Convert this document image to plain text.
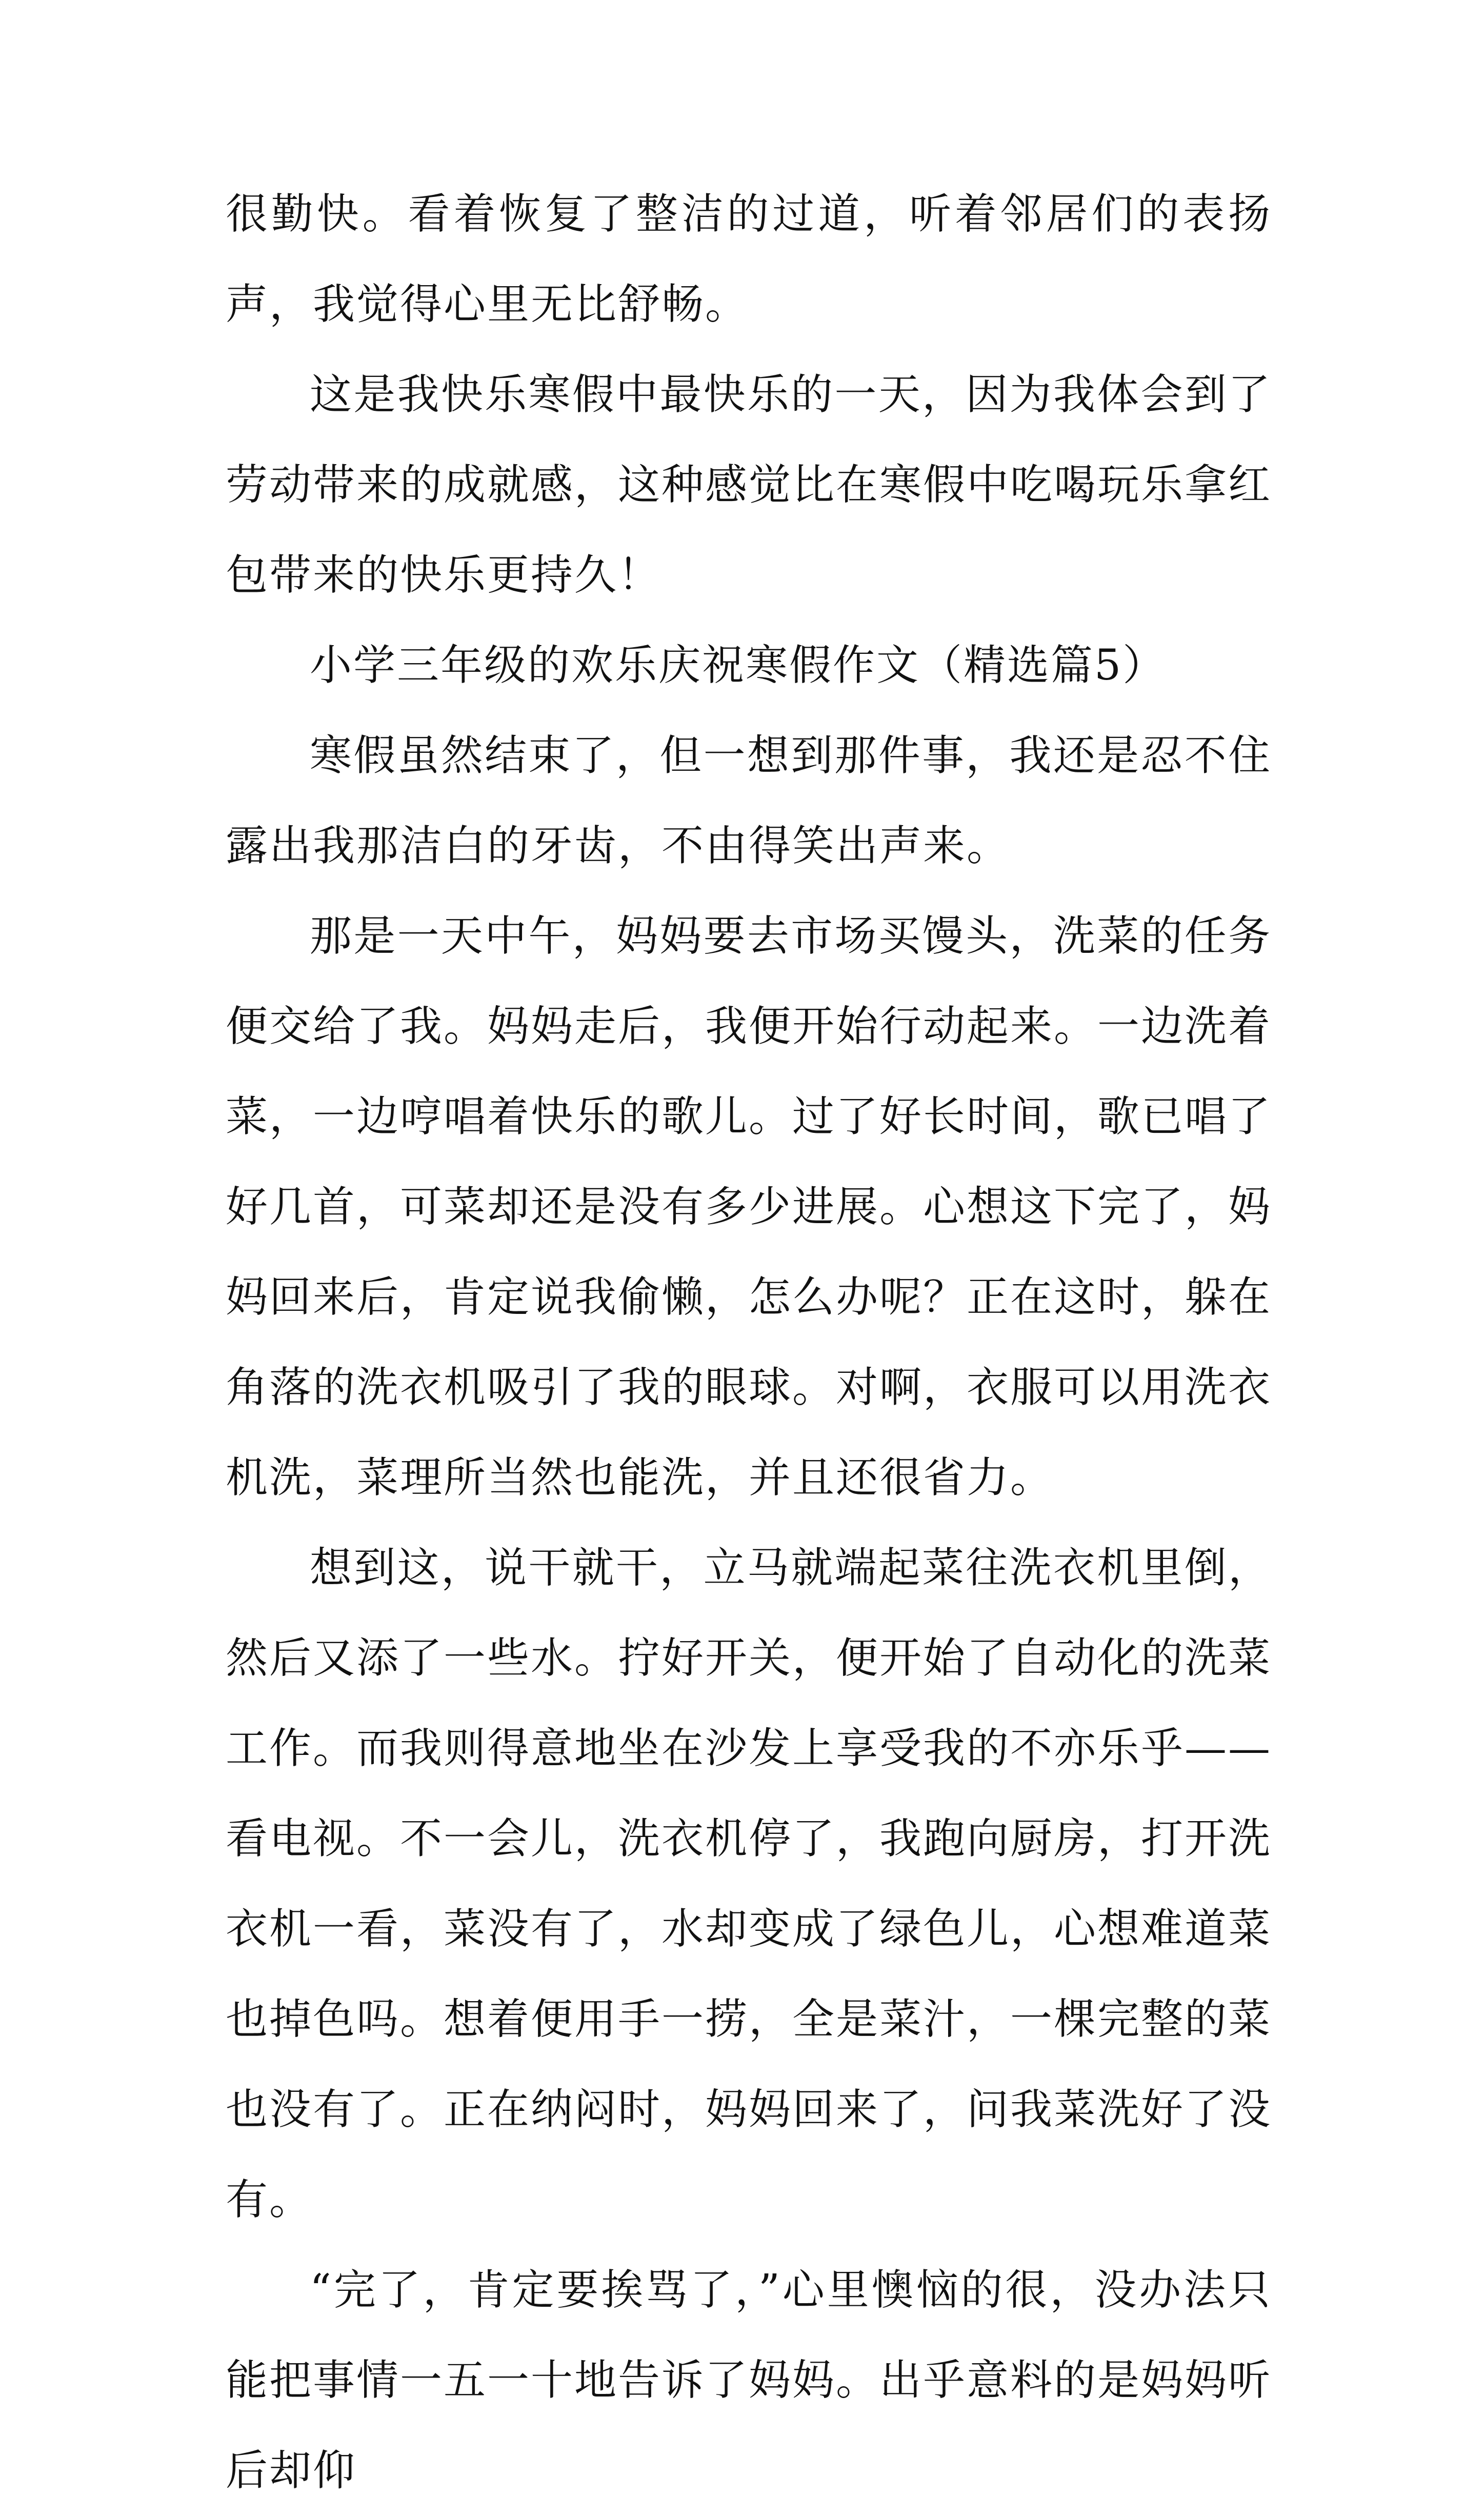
很勤快。看着恢复了整洁的过道，听着邻居们的表扬声，我觉得心里无比舒畅。

这是我快乐寒假中最快乐的一天，因为我体会到了劳动带来的成就感，这种感觉比在寒假中吃喝玩乐拿红包带来的快乐更持久！

小学三年级的欢乐庆祝寒假作文（精选篇5）

寒假虽然结束了，但一想到那件事，我还是忍不住露出我那洁白的牙齿，不由得笑出声来。

那是一天中午，妈妈要去市场买馒头，洗菜的任务便交给了我。妈妈走后，我便开始行动起来。一边洗着菜，一边哼唱着快乐的歌儿。过了好长时间，歌已唱了好几首，可菜却还是没有多少进展。心想这下完了，妈妈回来后，肯定说我偷懒，怎么办呢？正在这时，躲在角落的洗衣机吸引了我的眼球。对啊，衣服可以用洗衣机洗，菜理所当然也能洗，并且还很省力。

想到这，说干就干，立马就端起菜往洗衣机里倒，然后又添了一些水。拧好开关，便开始了自动化的洗菜工作。而我则得意地坐在沙发上享受我的不亦乐乎——看电视。不一会儿，洗衣机停了，我跑向厨房，打开洗衣机一看，菜没有了，水却变成了绿色儿，心想难道菜也掉色吗。想着便用手一捞，全是菜汁，一棵完整的菜也没有了。正在纳闷时，妈妈回来了，问我菜洗好了没有。

“完了，肯定要挨骂了，”心里懊恼的很，没办法只能把事情一五一十地告诉了妈妈。出乎意料的是妈妈听后却仰
